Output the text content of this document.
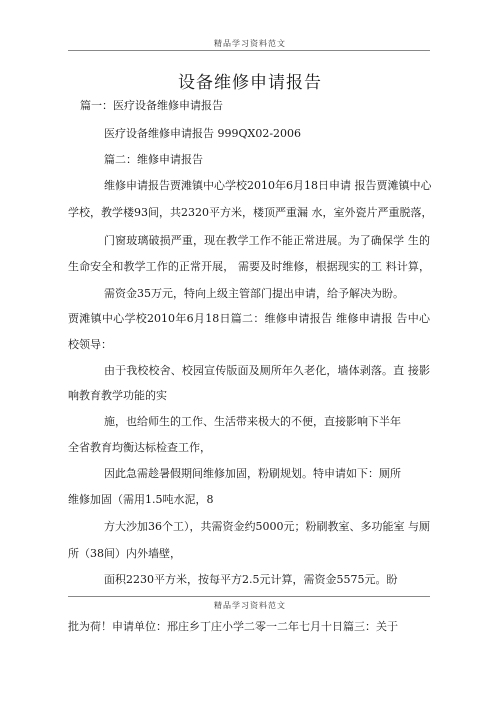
精品学习资料范文
设备维修申请报告
篇一：医疗设备维修申请报告
医疗设备维修申请报告 999QX02-2006
篇二：维修申请报告
维修申请报告贾滩镇中心学校2010年6月18日申请 报告贾滩镇中心
学校，教学楼93间，共2320平方米，楼顶严重漏 水，室外瓷片严重脱落，
门窗玻璃破损严重，现在教学工作不能正常进展。为了确保学 生的
生命安全和教学工作的正常开展， 需要及时维修，根据现实的工 料计算，
需资金35万元，特向上级主管部门提出申请，给予解决为盼。
贾滩镇中心学校2010年6月18日篇二：维修申请报告 维修申请报 告中心
校领导：
由于我校校舍、校园宣传版面及厕所年久老化，墙体剥落。直 接影
响教育教学功能的实
施，也给师生的工作、生活带来极大的不便，直接影响下半年
全省教育均衡达标检查工作，
因此急需趁暑假期间维修加固，粉刷规划。特申请如下：厕所
维修加固（需用1.5吨水泥，8
方大沙加36个工），共需资金约5000元；粉刷教室、多功能室 与厕
所（38间）内外墙壁，
面积2230平方米，按每平方2.5元计算，需资金5575元。盼
精品学习资料范文
批为荷！申请单位：邢庄乡丁庄小学二零一二年七月十日篇三：关于
